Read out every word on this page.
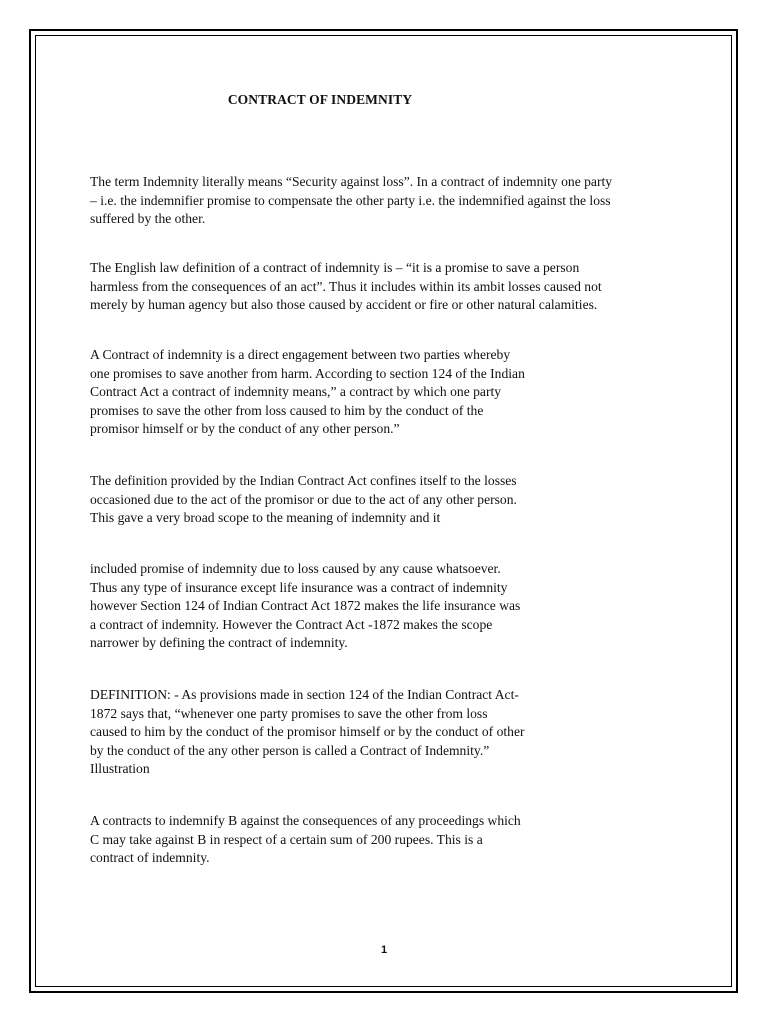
CONTRACT OF INDEMNITY

The term Indemnity literally means “Security against loss”. In a contract of indemnity one party
– i.e. the indemnifier promise to compensate the other party i.e. the indemnified against the loss
suffered by the other.

The English law definition of a contract of indemnity is – “it is a promise to save a person
harmless from the consequences of an act”. Thus it includes within its ambit losses caused not
merely by human agency but also those caused by accident or fire or other natural calamities.

A Contract of indemnity is a direct engagement between two parties whereby
one promises to save another from harm. According to section 124 of the Indian
Contract Act a contract of indemnity means,” a contract by which one party
promises to save the other from loss caused to him by the conduct of the
promisor himself or by the conduct of any other person.”

The definition provided by the Indian Contract Act confines itself to the losses
occasioned due to the act of the promisor or due to the act of any other person.
This gave a very broad scope to the meaning of indemnity and it

included promise of indemnity due to loss caused by any cause whatsoever.
Thus any type of insurance except life insurance was a contract of indemnity
however Section 124 of Indian Contract Act 1872 makes the life insurance was
a contract of indemnity. However the Contract Act -1872 makes the scope
narrower by defining the contract of indemnity.

DEFINITION: - As provisions made in section 124 of the Indian Contract Act-
1872 says that, “whenever one party promises to save the other from loss
caused to him by the conduct of the promisor himself or by the conduct of other
by the conduct of the any other person is called a Contract of Indemnity.”
Illustration

A contracts to indemnify B against the consequences of any proceedings which
C may take against B in respect of a certain sum of 200 rupees. This is a
contract of indemnity.

1
